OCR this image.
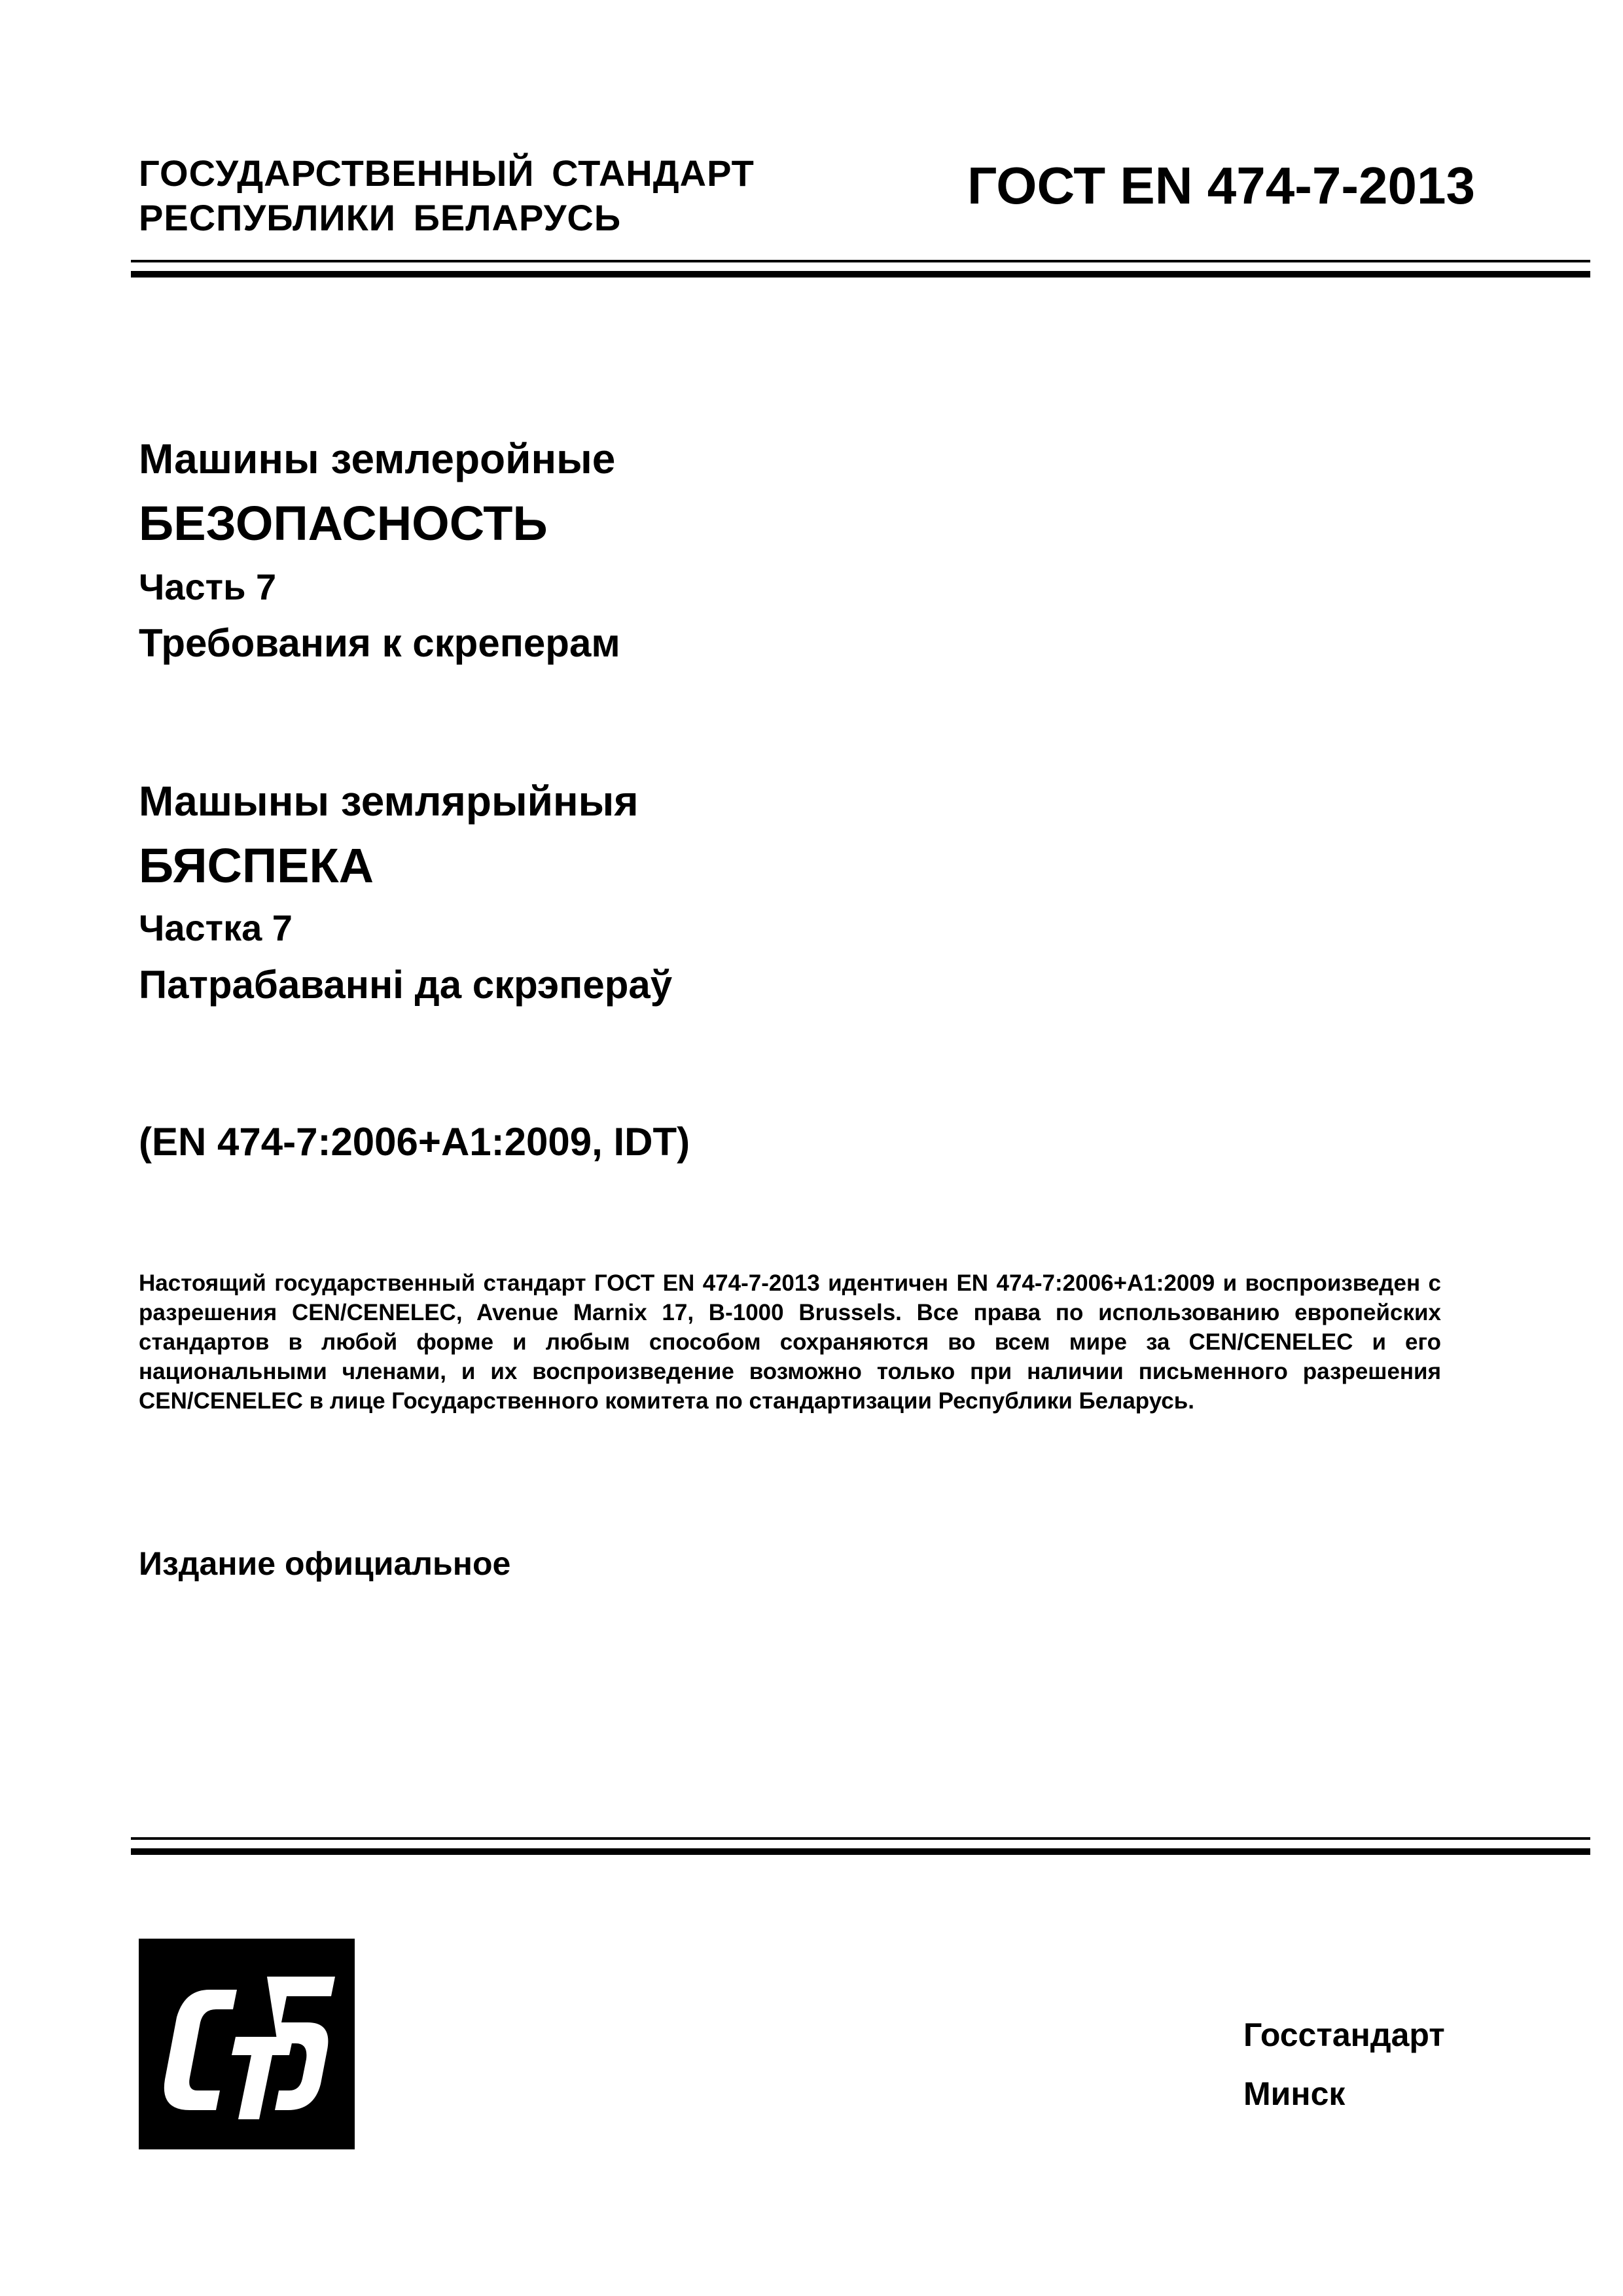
ГОСУДАРСТВЕННЫЙ СТАНДАРТ
РЕСПУБЛИКИ БЕЛАРУСЬ
ГОСТ EN 474-7-2013
Машины землеройные
БЕЗОПАСНОСТЬ
Часть 7
Требования к скреперам
Машыны землярыйныя
БЯСПЕКА
Частка 7
Патрабаванні да скрэпераў
(EN 474-7:2006+A1:2009, IDT)
Настоящий государственный стандарт ГОСТ EN 474-7-2013 идентичен EN 474-7:2006+A1:2009 и воспроизведен с разрешения CEN/CENELEC, Avenue Marnix 17, B-1000 Brussels. Все права по использованию европейских стандартов в любой форме и любым способом сохраняются во всем мире за CEN/CENELEC и его национальными членами, и их воспроизведение возможно только при наличии письменного разрешения CEN/CENELEC в лице Государственного комитета по стандартизации Республики Беларусь.
Издание официальное
Госстандарт
Минск
